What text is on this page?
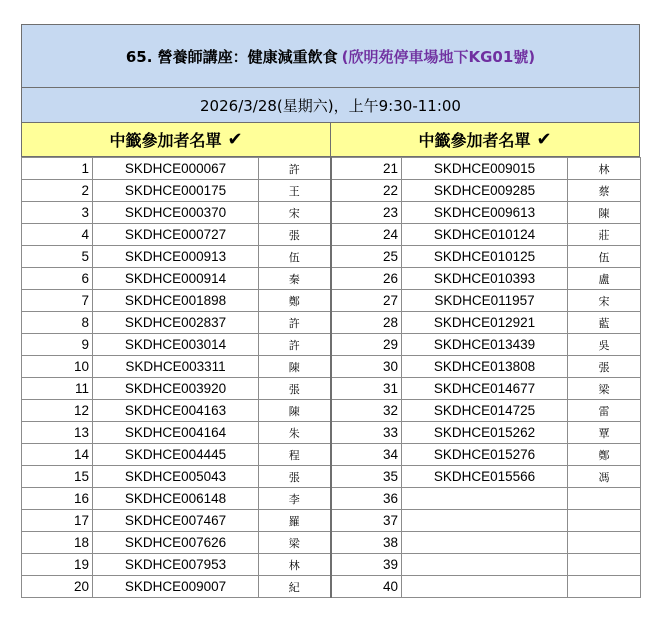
65. 營養師講座：健康減重飲食 (欣明苑停車場地下KG01號)
2026/3/28(星期六)，上午9:30-11:00
中籤參加者名單 ✔	中籤參加者名單 ✔
1	SKDHCE000067	許	21	SKDHCE009015	林
2	SKDHCE000175	王	22	SKDHCE009285	蔡
3	SKDHCE000370	宋	23	SKDHCE009613	陳
4	SKDHCE000727	張	24	SKDHCE010124	莊
5	SKDHCE000913	伍	25	SKDHCE010125	伍
6	SKDHCE000914	秦	26	SKDHCE010393	盧
7	SKDHCE001898	鄭	27	SKDHCE011957	宋
8	SKDHCE002837	許	28	SKDHCE012921	藍
9	SKDHCE003014	許	29	SKDHCE013439	吳
10	SKDHCE003311	陳	30	SKDHCE013808	張
11	SKDHCE003920	張	31	SKDHCE014677	梁
12	SKDHCE004163	陳	32	SKDHCE014725	雷
13	SKDHCE004164	朱	33	SKDHCE015262	覃
14	SKDHCE004445	程	34	SKDHCE015276	鄭
15	SKDHCE005043	張	35	SKDHCE015566	馮
16	SKDHCE006148	李	36		
17	SKDHCE007467	羅	37		
18	SKDHCE007626	梁	38		
19	SKDHCE007953	林	39		
20	SKDHCE009007	紀	40		
